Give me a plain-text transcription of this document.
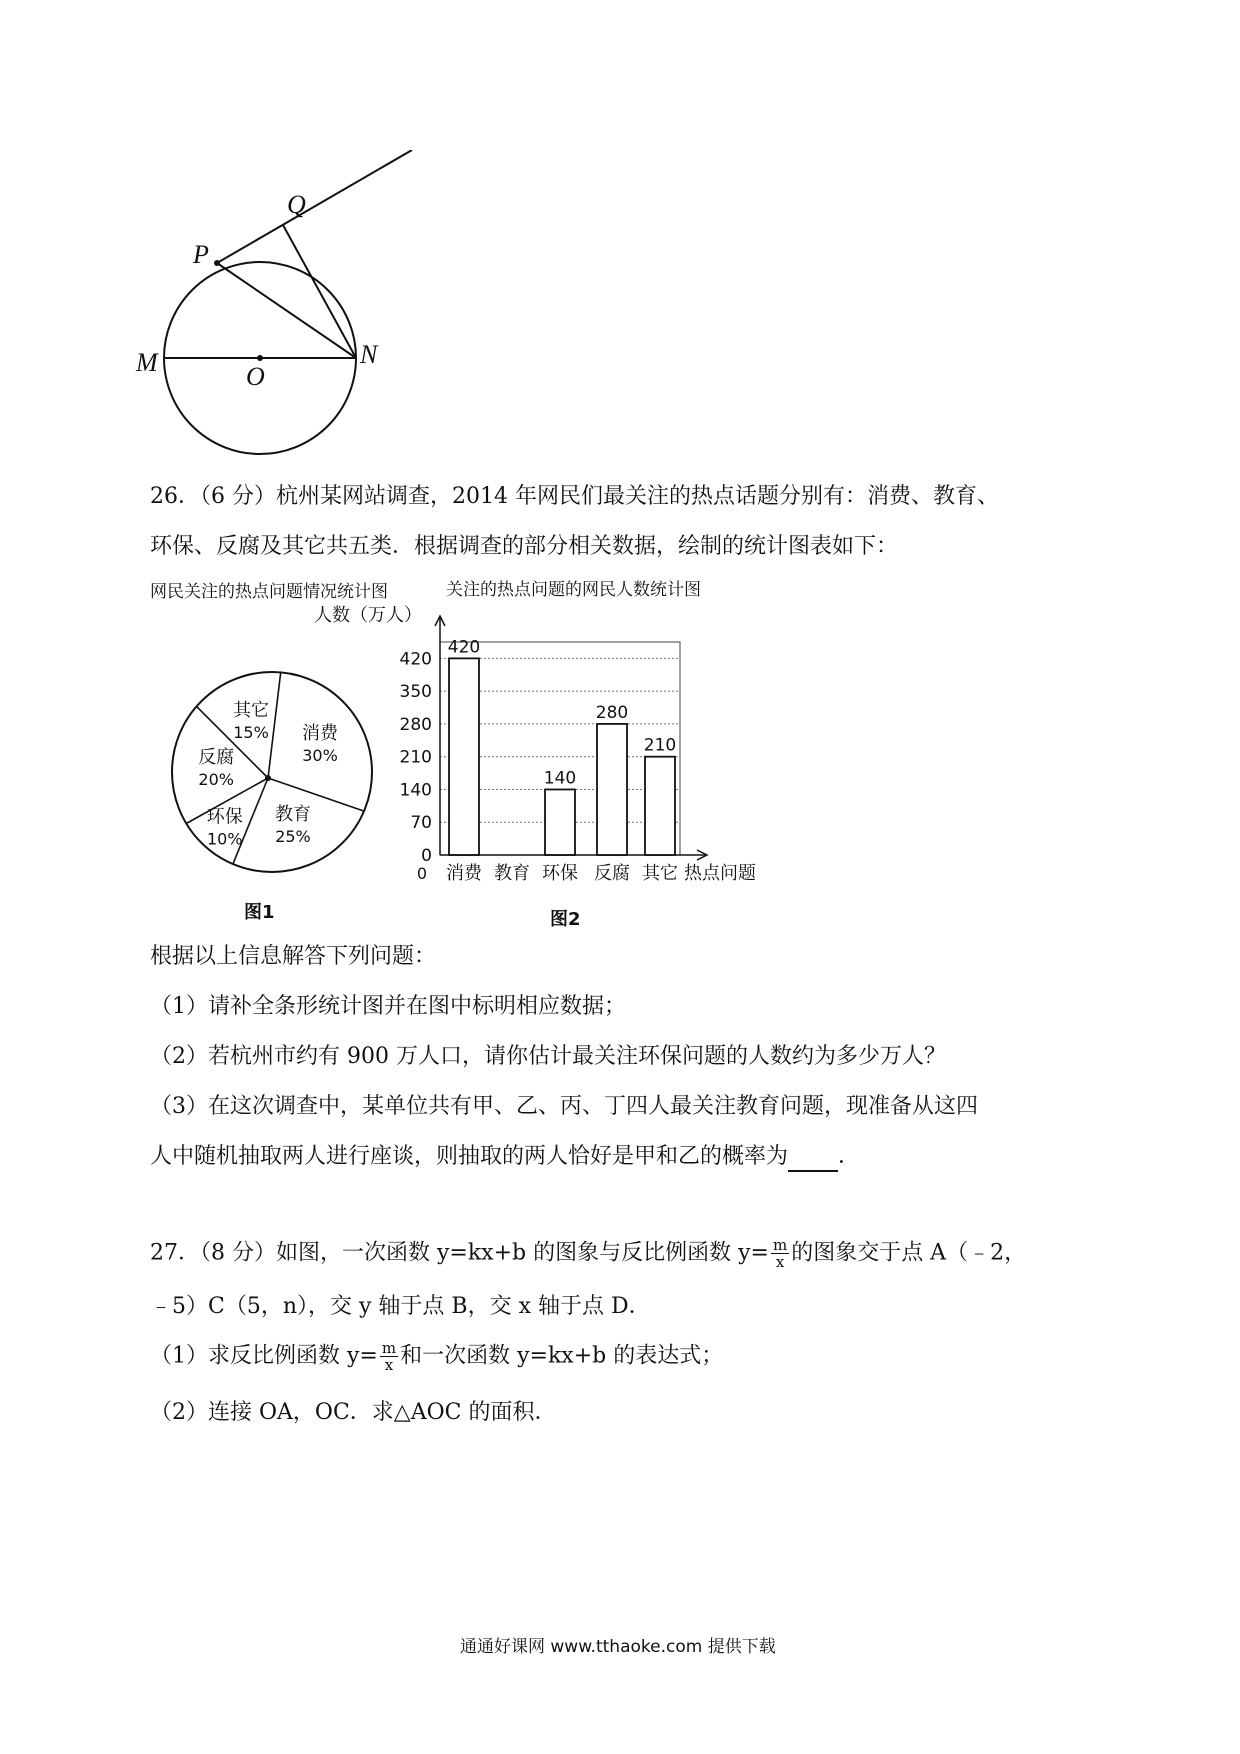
Q
P
M	O
N
26．（6 分）杭州某网站调查，2014 年网民们最关注的热点话题分别有：消费、教育、
环保、反腐及其它共五类．根据调查的部分相关数据，绘制的统计图表如下：
网民关注的热点问题情况统计图
消费
30%
教育
25%
环保
10%
反腐
20%
其它
15%
图1
关注的热点问题的网民人数统计图
人数（万人）
0
70
140
210
280
350
420
420
消费 教育
140
环保
280
反腐
210
其它 热点问题
0
图2
根据以上信息解答下列问题：
（1）请补全条形统计图并在图中标明相应数据；
（2）若杭州市约有 900 万人口，请你估计最关注环保问题的人数约为多少万人？
（3）在这次调查中，某单位共有甲、乙、丙、丁四人最关注教育问题，现准备从这四
人中随机抽取两人进行座谈，则抽取的两人恰好是甲和乙的概率为 ．
27．（8 分）如图，一次函数 y=kx+b 的图象与反比例函数 $y= \frac{m}{x}$ 的图象交于点 A（﹣2，
﹣5）C（5，n），交 y 轴于点 B，交 x 轴于点 D．
（1）求反比例函数 $y= \frac{m}{x}$ 和一次函数 y=kx+b 的表达式；
（2）连接 OA，OC．求△AOC 的面积．
通通好课网 www.tthaoke.com 提供下载
